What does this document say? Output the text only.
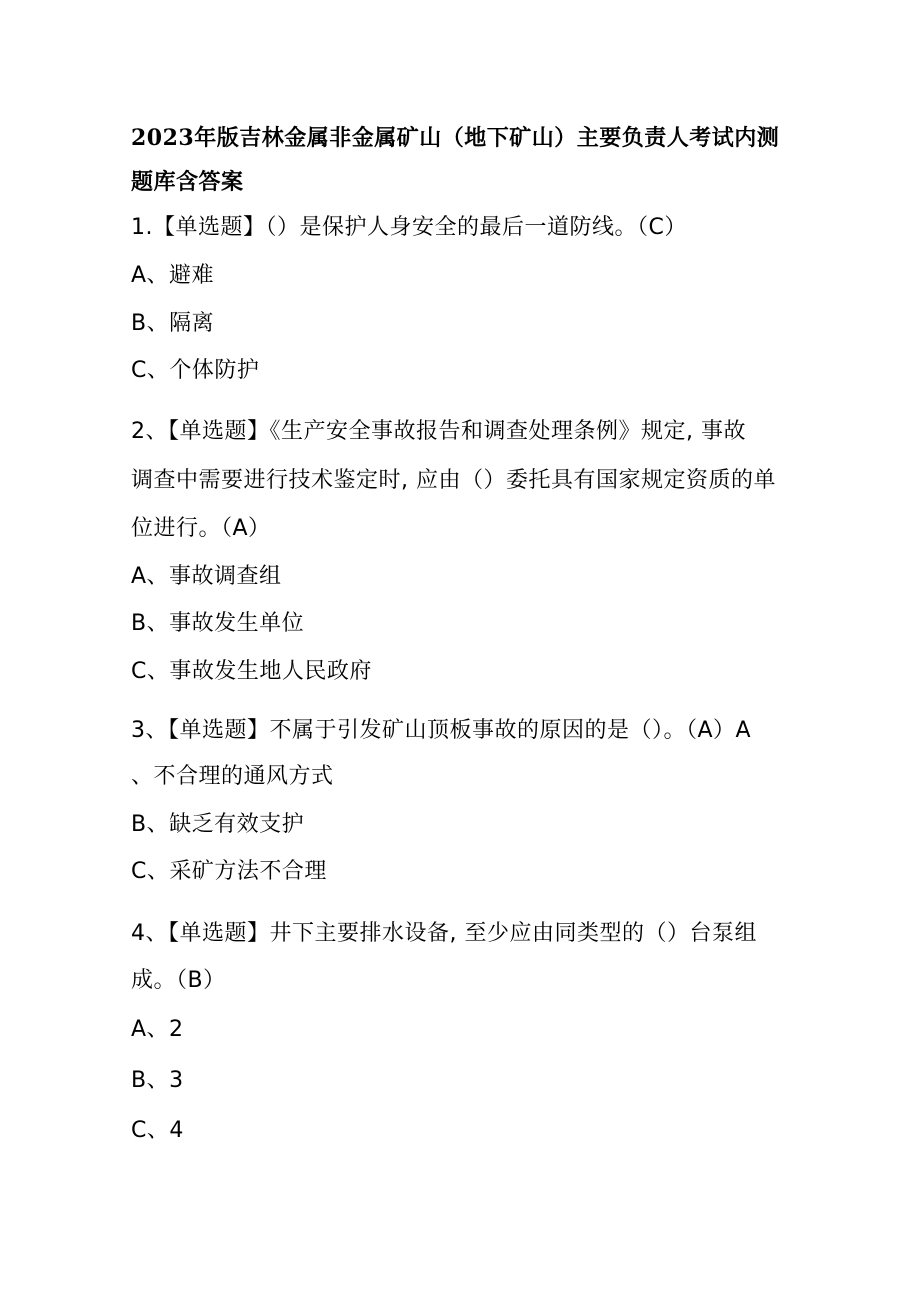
2023年版吉林金属非金属矿山（地下矿山）主要负责人考试内测题库含答案
1.【单选题】（）是保护人身安全的最后一道防线。（C）
A、避难
B、隔离
C、个体防护
2、【单选题】《生产安全事故报告和调查处理条例》规定, 事故
调查中需要进行技术鉴定时, 应由（）委托具有国家规定资质的单
位进行。（A）
A、事故调查组
B、事故发生单位
C、事故发生地人民政府
3、【单选题】不属于引发矿山顶板事故的原因的是（）。（A）A
、不合理的通风方式
B、缺乏有效支护
C、采矿方法不合理
4、【单选题】井下主要排水设备, 至少应由同类型的（）台泵组
成。（B）
A、2
B、3
C、4
